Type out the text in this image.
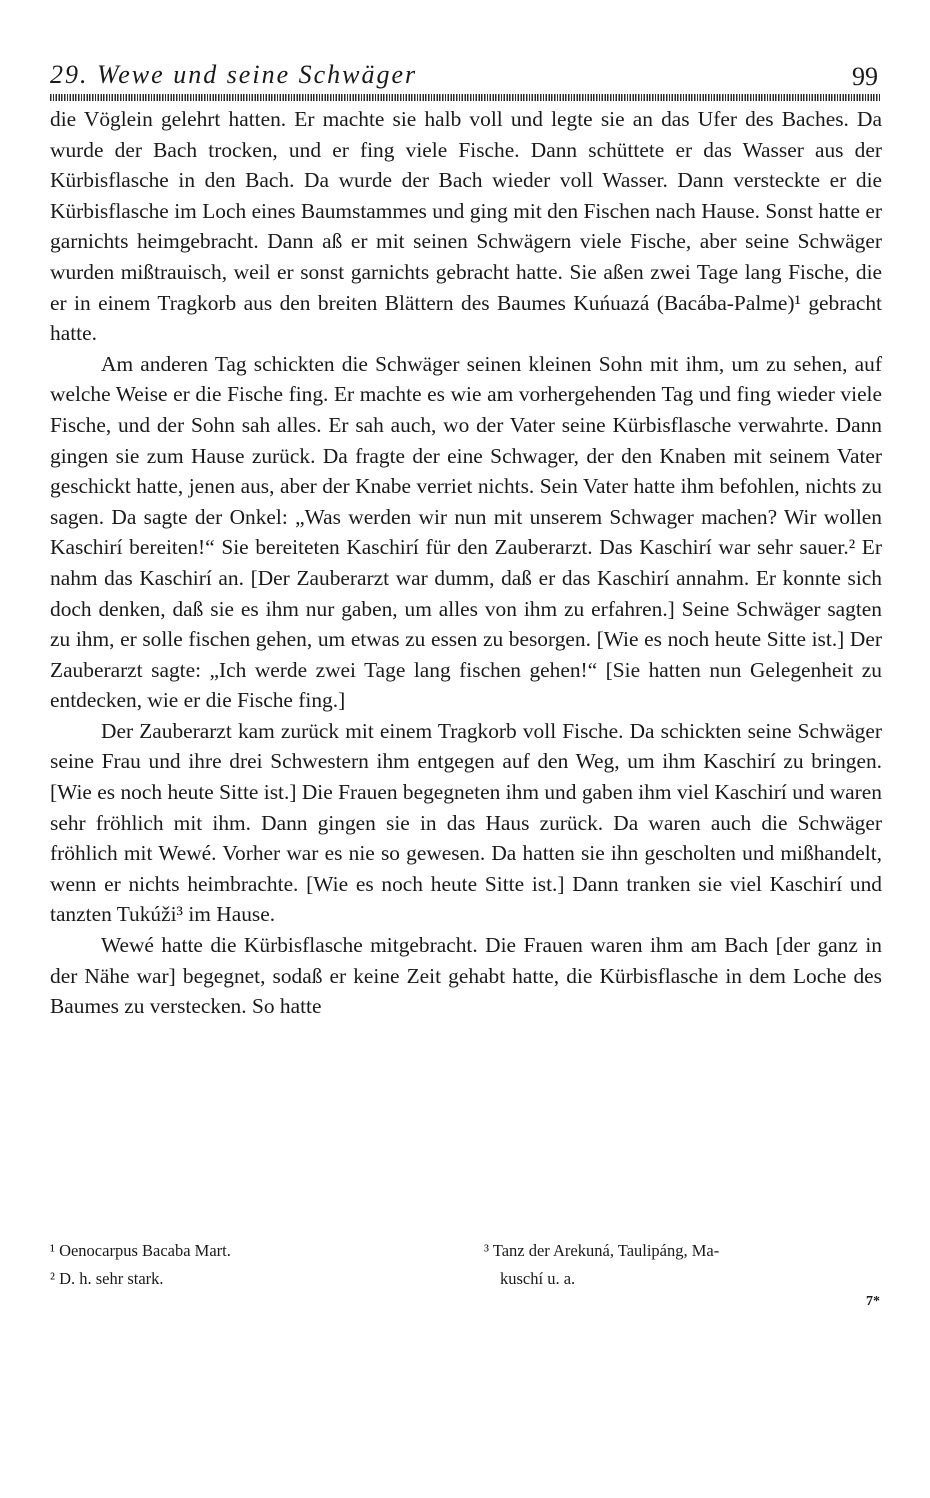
29. Wewe und seine Schwäger	99

die Vöglein gelehrt hatten. Er machte sie halb voll und legte sie an das Ufer des Baches. Da wurde der Bach trocken, und er fing viele Fische. Dann schüttete er das Wasser aus der Kürbisflasche in den Bach. Da wurde der Bach wieder voll Wasser. Dann versteckte er die Kürbisflasche im Loch eines Baumstammes und ging mit den Fischen nach Hause. Sonst hatte er garnichts heimgebracht. Dann aß er mit seinen Schwägern viele Fische, aber seine Schwäger wurden mißtrauisch, weil er sonst garnichts gebracht hatte. Sie aßen zwei Tage lang Fische, die er in einem Tragkorb aus den breiten Blättern des Baumes Kuńuazá (Bacába-Palme)¹ gebracht hatte.

Am anderen Tag schickten die Schwäger seinen kleinen Sohn mit ihm, um zu sehen, auf welche Weise er die Fische fing. Er machte es wie am vorhergehenden Tag und fing wieder viele Fische, und der Sohn sah alles. Er sah auch, wo der Vater seine Kürbisflasche verwahrte. Dann gingen sie zum Hause zurück. Da fragte der eine Schwager, der den Knaben mit seinem Vater geschickt hatte, jenen aus, aber der Knabe verriet nichts. Sein Vater hatte ihm befohlen, nichts zu sagen. Da sagte der Onkel: „Was werden wir nun mit unserem Schwager machen? Wir wollen Kaschirí bereiten!“ Sie bereiteten Kaschirí für den Zauberarzt. Das Kaschirí war sehr sauer.² Er nahm das Kaschirí an. [Der Zauberarzt war dumm, daß er das Kaschirí annahm. Er konnte sich doch denken, daß sie es ihm nur gaben, um alles von ihm zu erfahren.] Seine Schwäger sagten zu ihm, er solle fischen gehen, um etwas zu essen zu besorgen. [Wie es noch heute Sitte ist.] Der Zauberarzt sagte: „Ich werde zwei Tage lang fischen gehen!“ [Sie hatten nun Gelegenheit zu entdecken, wie er die Fische fing.]

Der Zauberarzt kam zurück mit einem Tragkorb voll Fische. Da schickten seine Schwäger seine Frau und ihre drei Schwestern ihm entgegen auf den Weg, um ihm Kaschirí zu bringen. [Wie es noch heute Sitte ist.] Die Frauen begegneten ihm und gaben ihm viel Kaschirí und waren sehr fröhlich mit ihm. Dann gingen sie in das Haus zurück. Da waren auch die Schwäger fröhlich mit Wewé. Vorher war es nie so gewesen. Da hatten sie ihn gescholten und mißhandelt, wenn er nichts heimbrachte. [Wie es noch heute Sitte ist.] Dann tranken sie viel Kaschirí und tanzten Tukúži³ im Hause.

Wewé hatte die Kürbisflasche mitgebracht. Die Frauen waren ihm am Bach [der ganz in der Nähe war] begegnet, sodaß er keine Zeit gehabt hatte, die Kürbisflasche in dem Loche des Baumes zu verstecken. So hatte

¹ Oenocarpus Bacaba Mart.
² D. h. sehr stark.
³ Tanz der Arekuná, Taulipáng, Ma-
kuschí u. a.
7*
